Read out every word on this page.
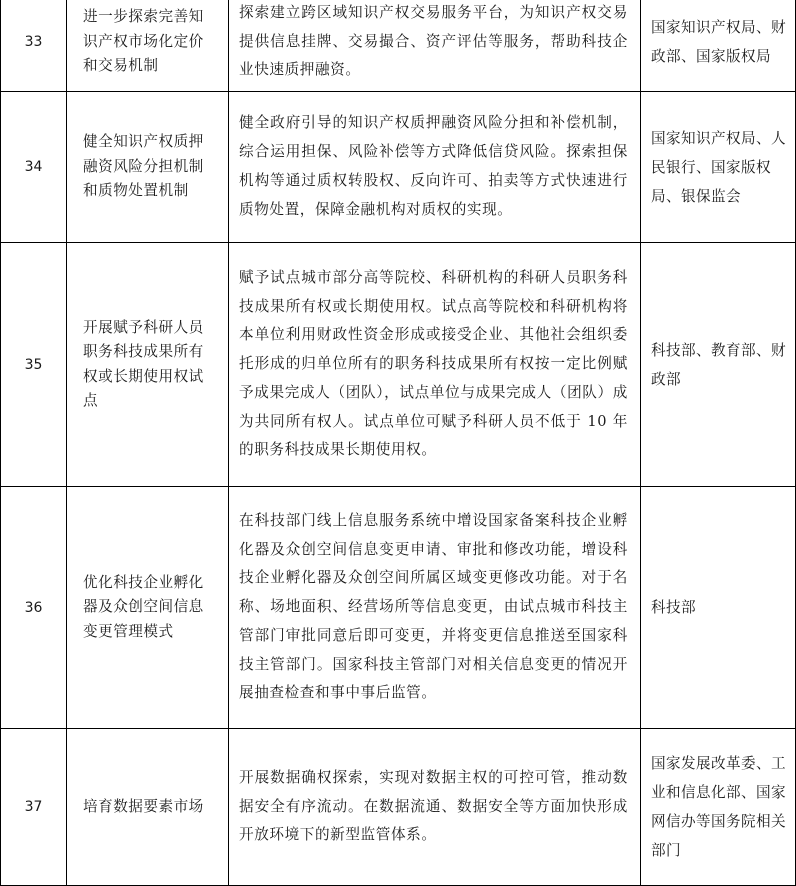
33	进一步探索完善知识产权市场化定价和交易机制	探索建立跨区域知识产权交易服务平台，为知识产权交易提供信息挂牌、交易撮合、资产评估等服务，帮助科技企业快速质押融资。	国家知识产权局、财政部、国家版权局
34	健全知识产权质押融资风险分担机制和质物处置机制	健全政府引导的知识产权质押融资风险分担和补偿机制，综合运用担保、风险补偿等方式降低信贷风险。探索担保机构等通过质权转股权、反向许可、拍卖等方式快速进行质物处置，保障金融机构对质权的实现。	国家知识产权局、人民银行、国家版权局、银保监会
35	开展赋予科研人员职务科技成果所有权或长期使用权试点	赋予试点城市部分高等院校、科研机构的科研人员职务科技成果所有权或长期使用权。试点高等院校和科研机构将本单位利用财政性资金形成或接受企业、其他社会组织委托形成的归单位所有的职务科技成果所有权按一定比例赋予成果完成人（团队），试点单位与成果完成人（团队）成为共同所有权人。试点单位可赋予科研人员不低于 10 年的职务科技成果长期使用权。	科技部、教育部、财政部
36	优化科技企业孵化器及众创空间信息变更管理模式	在科技部门线上信息服务系统中增设国家备案科技企业孵化器及众创空间信息变更申请、审批和修改功能，增设科技企业孵化器及众创空间所属区域变更修改功能。对于名称、场地面积、经营场所等信息变更，由试点城市科技主管部门审批同意后即可变更，并将变更信息推送至国家科技主管部门。国家科技主管部门对相关信息变更的情况开展抽查检查和事中事后监管。	科技部
37	培育数据要素市场	开展数据确权探索，实现对数据主权的可控可管，推动数据安全有序流动。在数据流通、数据安全等方面加快形成开放环境下的新型监管体系。	国家发展改革委、工业和信息化部、国家网信办等国务院相关部门
